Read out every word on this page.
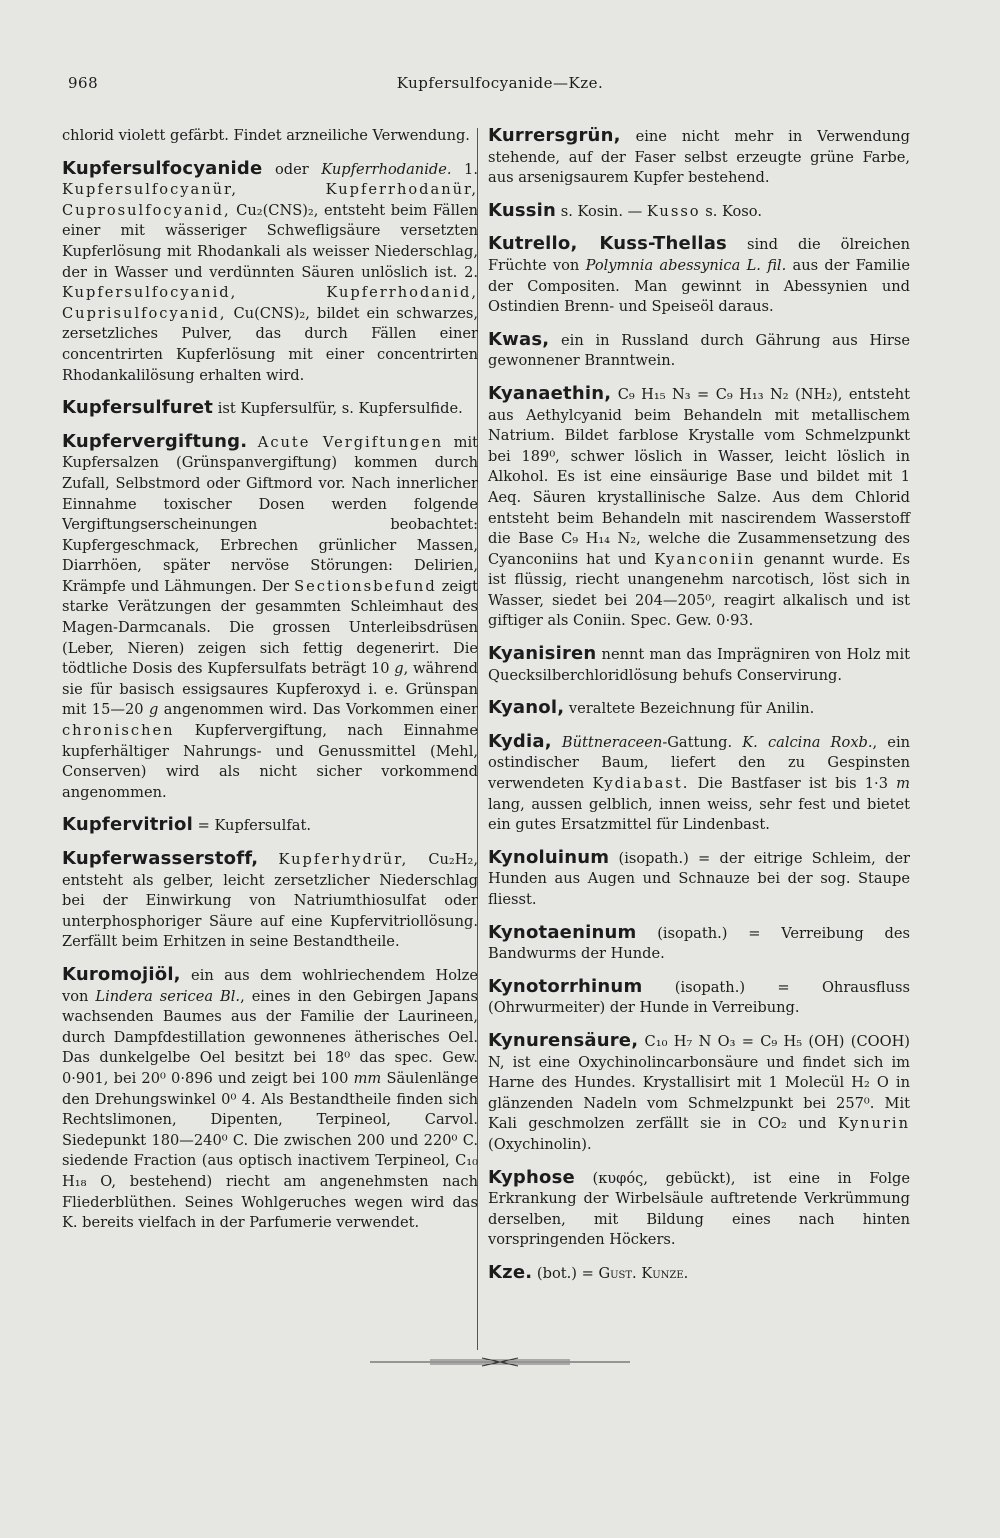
968	Kupfersulfocyanide—Kze.

chlorid violett gefärbt. Findet arzneiliche Verwendung.

Kupfersulfocyanide oder Kupferrhodanide. 1. Kupfersulfocyanür, Kupferrhodanür, Cuprosulfocyanid, Cu₂(CNS)₂, entsteht beim Fällen einer mit wässeriger Schwefligsäure versetzten Kupferlösung mit Rhodankali als weisser Niederschlag, der in Wasser und verdünnten Säuren unlöslich ist. 2. Kupfersulfocyanid, Kupferrhodanid, Cuprisulfocyanid, Cu(CNS)₂, bildet ein schwarzes, zersetzliches Pulver, das durch Fällen einer concentrirten Kupferlösung mit einer concentrirten Rhodankalilösung erhalten wird.

Kupfersulfuret ist Kupfersulfür, s. Kupfersulfide.

Kupfervergiftung. Acute Vergiftungen mit Kupfersalzen (Grünspanvergiftung) kommen durch Zufall, Selbstmord oder Giftmord vor. Nach innerlicher Einnahme toxischer Dosen werden folgende Vergiftungserscheinungen beobachtet: Kupfergeschmack, Erbrechen grünlicher Massen, Diarrhöen, später nervöse Störungen: Delirien, Krämpfe und Lähmungen. Der Sectionsbefund zeigt starke Verätzungen der gesammten Schleimhaut des Magen-Darmcanals. Die grossen Unterleibsdrüsen (Leber, Nieren) zeigen sich fettig degenerirt. Die tödtliche Dosis des Kupfersulfats beträgt 10 g, während sie für basisch essigsaures Kupferoxyd i. e. Grünspan mit 15—20 g angenommen wird. Das Vorkommen einer chronischen Kupfervergiftung, nach Einnahme kupferhältiger Nahrungs- und Genussmittel (Mehl, Conserven) wird als nicht sicher vorkommend angenommen.

Kupfervitriol = Kupfersulfat.

Kupferwasserstoff, Kupferhydrür, Cu₂H₂, entsteht als gelber, leicht zersetzlicher Niederschlag bei der Einwirkung von Natriumthiosulfat oder unterphosphoriger Säure auf eine Kupfervitriollösung. Zerfällt beim Erhitzen in seine Bestandtheile.

Kuromojiöl, ein aus dem wohlriechendem Holze von Lindera sericea Bl., eines in den Gebirgen Japans wachsenden Baumes aus der Familie der Laurineen, durch Dampfdestillation gewonnenes ätherisches Oel. Das dunkelgelbe Oel besitzt bei 18⁰ das spec. Gew. 0·901, bei 20⁰ 0·896 und zeigt bei 100 mm Säulenlänge den Drehungswinkel 0⁰ 4. Als Bestandtheile finden sich Rechtslimonen, Dipenten, Terpineol, Carvol. Siedepunkt 180—240⁰ C. Die zwischen 200 und 220⁰ C. siedende Fraction (aus optisch inactivem Terpineol, C₁₀ H₁₈ O, bestehend) riecht am angenehmsten nach Fliederblüthen. Seines Wohlgeruches wegen wird das K. bereits vielfach in der Parfumerie verwendet.

Kurrersgrün, eine nicht mehr in Verwendung stehende, auf der Faser selbst erzeugte grüne Farbe, aus arsenigsaurem Kupfer bestehend.

Kussin s. Kosin. — Kusso s. Koso.

Kutrello, Kuss-Thellas sind die ölreichen Früchte von Polymnia abessynica L. fil. aus der Familie der Compositen. Man gewinnt in Abessynien und Ostindien Brenn- und Speiseöl daraus.

Kwas, ein in Russland durch Gährung aus Hirse gewonnener Branntwein.

Kyanaethin, C₉ H₁₅ N₃ = C₉ H₁₃ N₂ (NH₂), entsteht aus Aethylcyanid beim Behandeln mit metallischem Natrium. Bildet farblose Krystalle vom Schmelzpunkt bei 189⁰, schwer löslich in Wasser, leicht löslich in Alkohol. Es ist eine einsäurige Base und bildet mit 1 Aeq. Säuren krystallinische Salze. Aus dem Chlorid entsteht beim Behandeln mit nascirendem Wasserstoff die Base C₉ H₁₄ N₂, welche die Zusammensetzung des Cyanconiins hat und Kyanconiin genannt wurde. Es ist flüssig, riecht unangenehm narcotisch, löst sich in Wasser, siedet bei 204—205⁰, reagirt alkalisch und ist giftiger als Coniin. Spec. Gew. 0·93.

Kyanisiren nennt man das Imprägniren von Holz mit Quecksilberchloridlösung behufs Conservirung.

Kyanol, veraltete Bezeichnung für Anilin.

Kydia, Büttneraceen-Gattung. K. calcina Roxb., ein ostindischer Baum, liefert den zu Gespinsten verwendeten Kydiabast. Die Bastfaser ist bis 1·3 m lang, aussen gelblich, innen weiss, sehr fest und bietet ein gutes Ersatzmittel für Lindenbast.

Kynoluinum (isopath.) = der eitrige Schleim, der Hunden aus Augen und Schnauze bei der sog. Staupe fliesst.

Kynotaeninum (isopath.) = Verreibung des Bandwurms der Hunde.

Kynotorrhinum (isopath.) = Ohrausfluss (Ohrwurmeiter) der Hunde in Verreibung.

Kynurensäure, C₁₀ H₇ N O₃ = C₉ H₅ (OH) (COOH) N, ist eine Oxychinolincarbonsäure und findet sich im Harne des Hundes. Krystallisirt mit 1 Molecül H₂ O in glänzenden Nadeln vom Schmelzpunkt bei 257⁰. Mit Kali geschmolzen zerfällt sie in CO₂ und Kynurin (Oxychinolin).

Kyphose (κυφός, gebückt), ist eine in Folge Erkrankung der Wirbelsäule auftretende Verkrümmung derselben, mit Bildung eines nach hinten vorspringenden Höckers.

Kze. (bot.) = Gust. Kunze.
